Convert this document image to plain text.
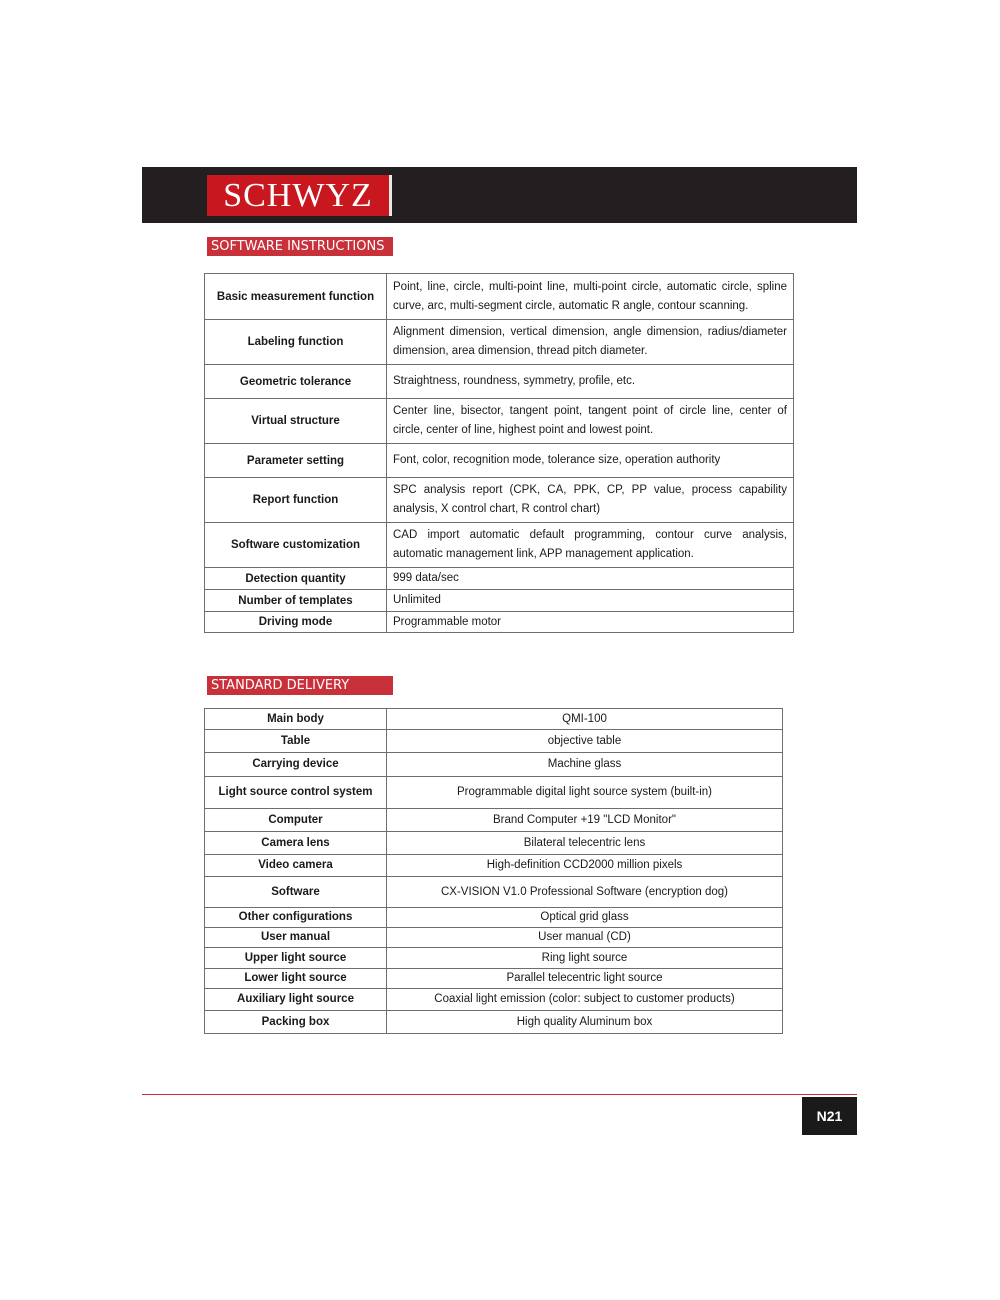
SCHWYZ
SOFTWARE INSTRUCTIONS
Basic measurement function	Point, line, circle, multi-point line, multi-point circle, automatic circle, spline curve, arc, multi-segment circle, automatic R angle, contour scanning.
Labeling function	Alignment dimension, vertical dimension, angle dimension, radius/diameter dimension, area dimension, thread pitch diameter.
Geometric tolerance	Straightness, roundness, symmetry, profile, etc.
Virtual structure	Center line, bisector, tangent point, tangent point of circle line, center of circle, center of line, highest point and lowest point.
Parameter setting	Font, color, recognition mode, tolerance size, operation authority
Report function	SPC analysis report (CPK, CA, PPK, CP, PP value, process capability analysis, X control chart, R control chart)
Software customization	CAD import automatic default programming, contour curve analysis, automatic management link, APP management application.
Detection quantity	999 data/sec
Number of templates	Unlimited
Driving mode	Programmable motor
STANDARD DELIVERY
Main body	QMI-100
Table	objective table
Carrying device	Machine glass
Light source control system	Programmable digital light source system (built-in)
Computer	Brand Computer +19 "LCD Monitor"
Camera lens	Bilateral telecentric lens
Video camera	High-definition CCD2000 million pixels
Software	CX-VISION V1.0 Professional Software (encryption dog)
Other configurations	Optical grid glass
User manual	User manual (CD)
Upper light source	Ring light source
Lower light source	Parallel telecentric light source
Auxiliary light source	Coaxial light emission (color: subject to customer products)
Packing box	High quality Aluminum box
N21
